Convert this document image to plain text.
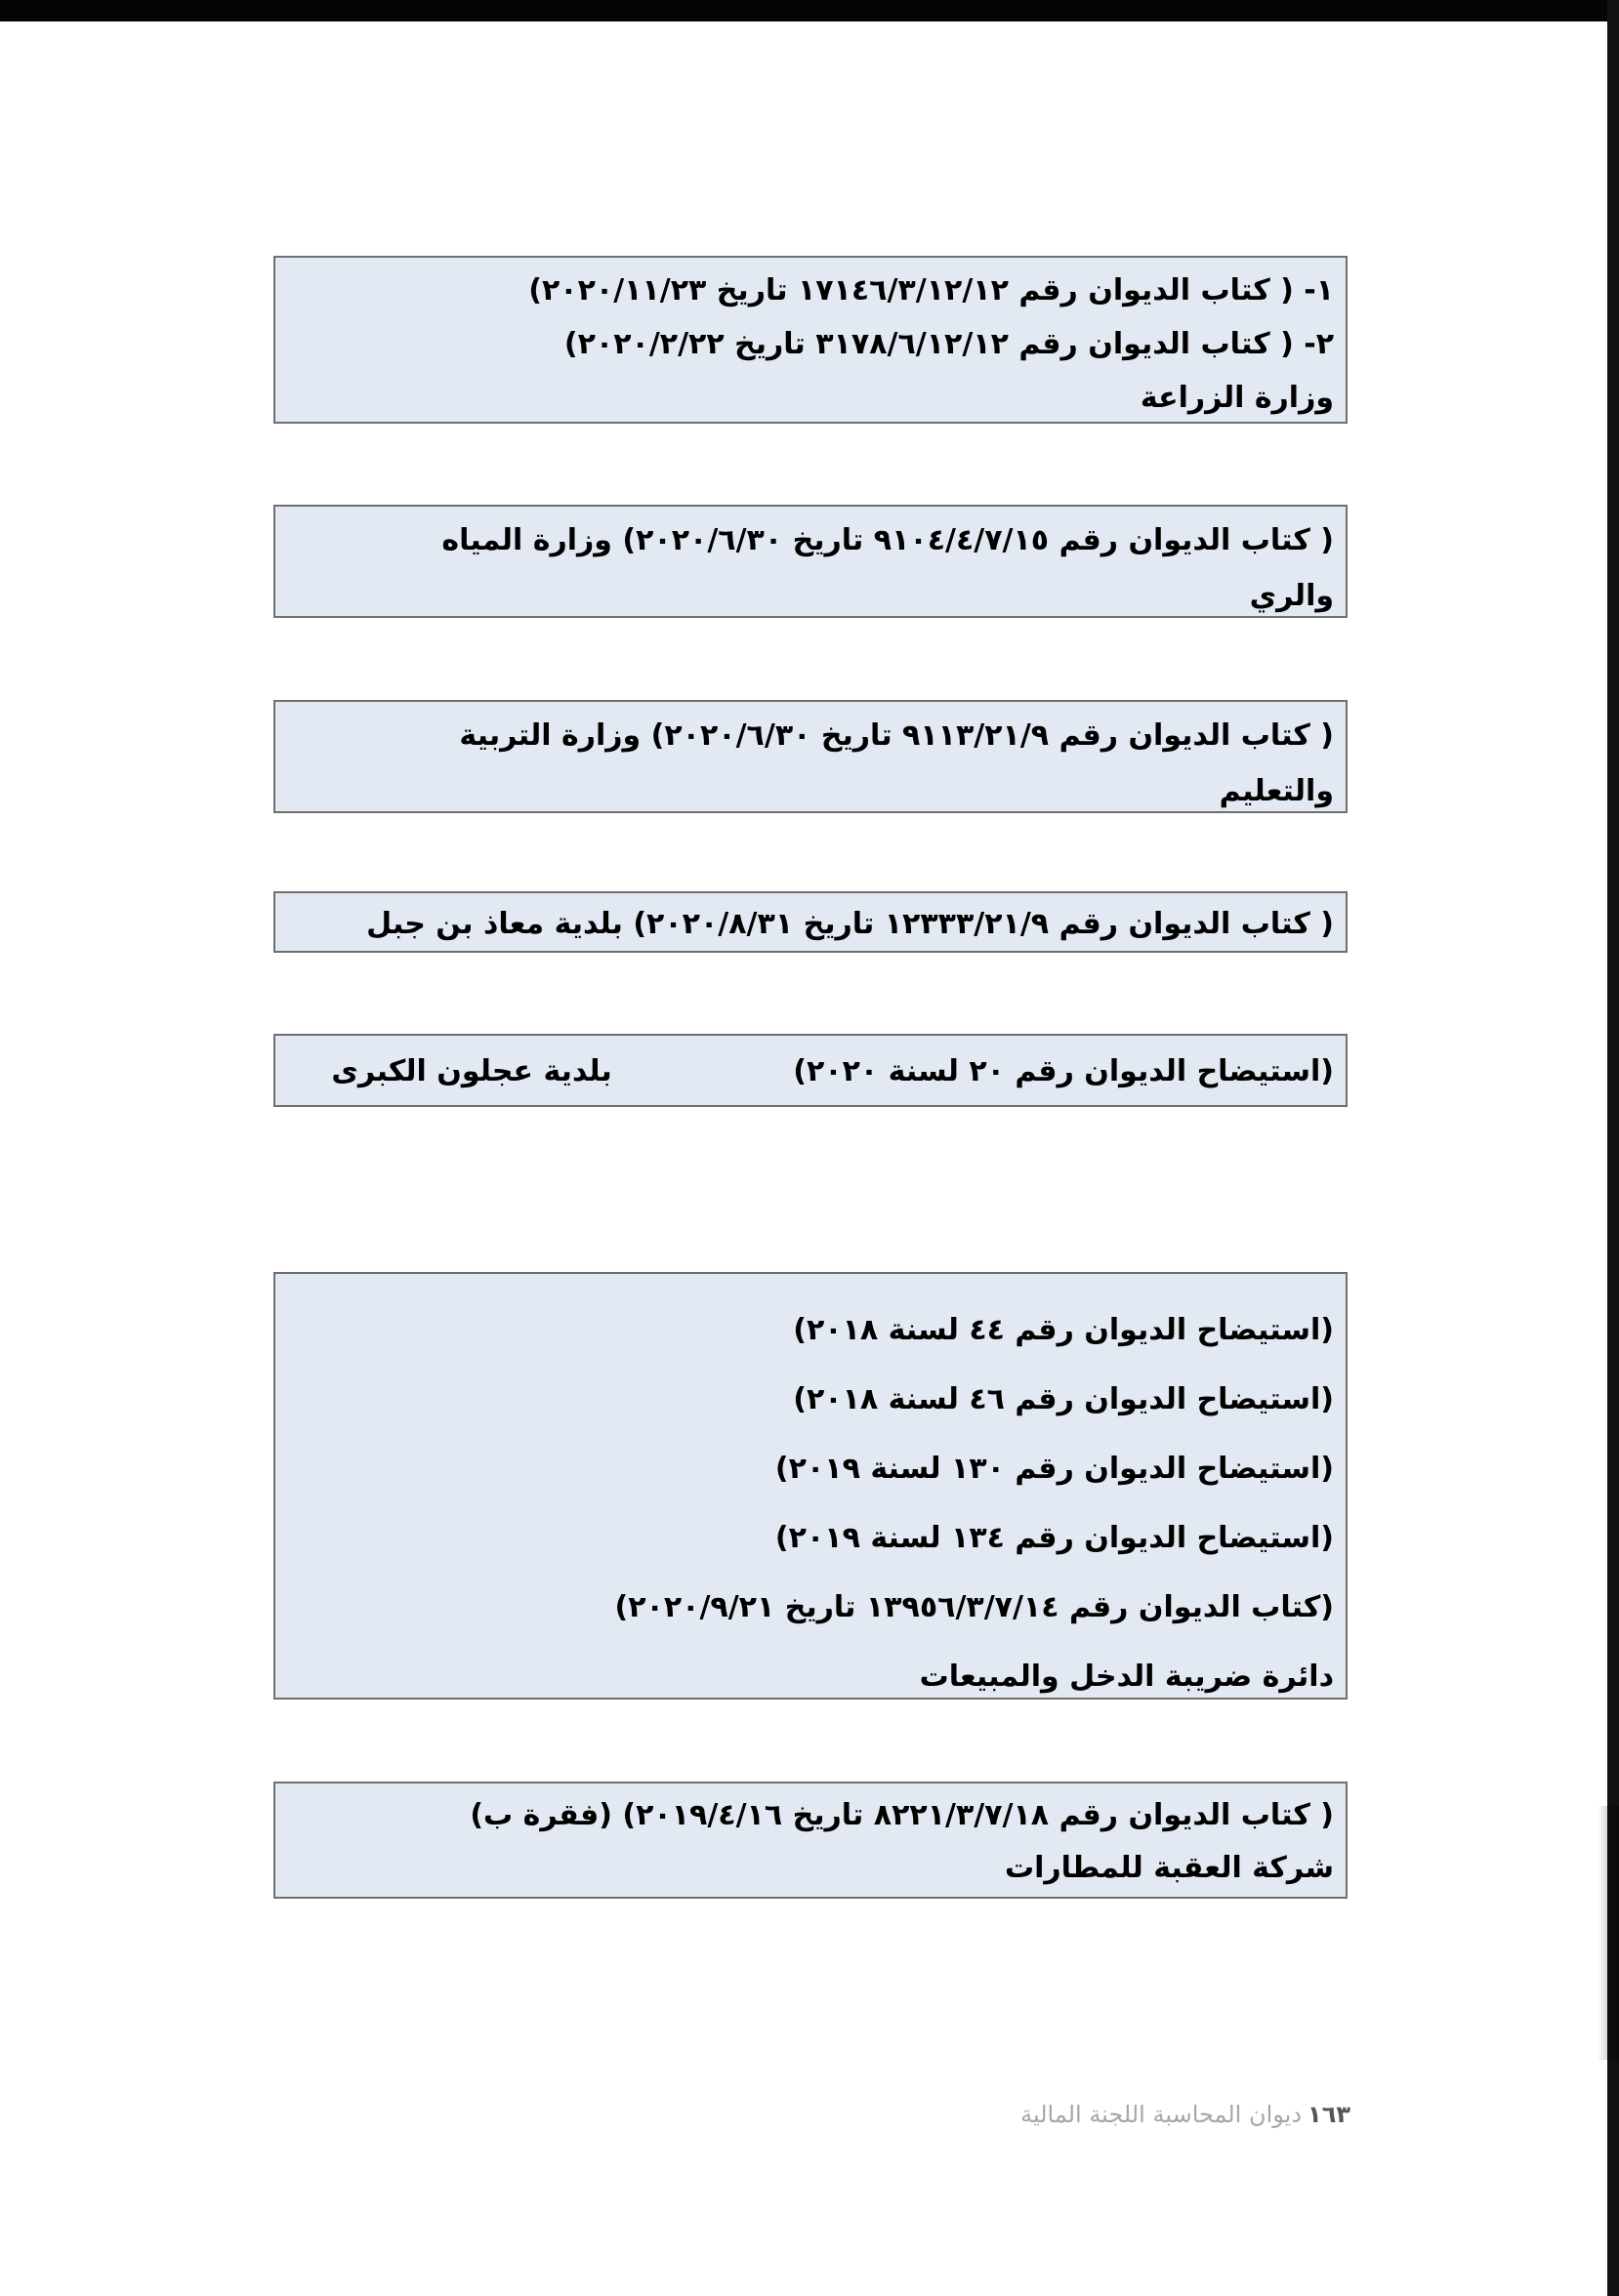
١- ( كتاب الديوان رقم ١٧١٤٦/٣/١٢/١٢ تاريخ ٢٠٢٠/١١/٢٣)
٢- ( كتاب الديوان رقم ٣١٧٨/٦/١٢/١٢ تاريخ ٢٠٢٠/٢/٢٢)
وزارة الزراعة
( كتاب الديوان رقم ٩١٠٤/٤/٧/١٥ تاريخ ٢٠٢٠/٦/٣٠) وزارة المياه
والري
( كتاب الديوان رقم ٩١١٣/٢١/٩ تاريخ ٢٠٢٠/٦/٣٠) وزارة التربية
والتعليم
( كتاب الديوان رقم ١٢٣٣٣/٢١/٩ تاريخ ٢٠٢٠/٨/٣١) بلدية معاذ بن جبل
(استيضاح الديوان رقم ٢٠ لسنة ٢٠٢٠) بلدية عجلون الكبرى
(استيضاح الديوان رقم ٤٤ لسنة ٢٠١٨)
(استيضاح الديوان رقم ٤٦ لسنة ٢٠١٨)
(استيضاح الديوان رقم ١٣٠ لسنة ٢٠١٩)
(استيضاح الديوان رقم ١٣٤ لسنة ٢٠١٩)
(كتاب الديوان رقم ١٣٩٥٦/٣/٧/١٤ تاريخ ٢٠٢٠/٩/٢١)
دائرة ضريبة الدخل والمبيعات
( كتاب الديوان رقم ٨٢٢١/٣/٧/١٨ تاريخ ٢٠١٩/٤/١٦) (فقرة ب)
شركة العقبة للمطارات
١٦٣ديوان المحاسبة اللجنة المالية
